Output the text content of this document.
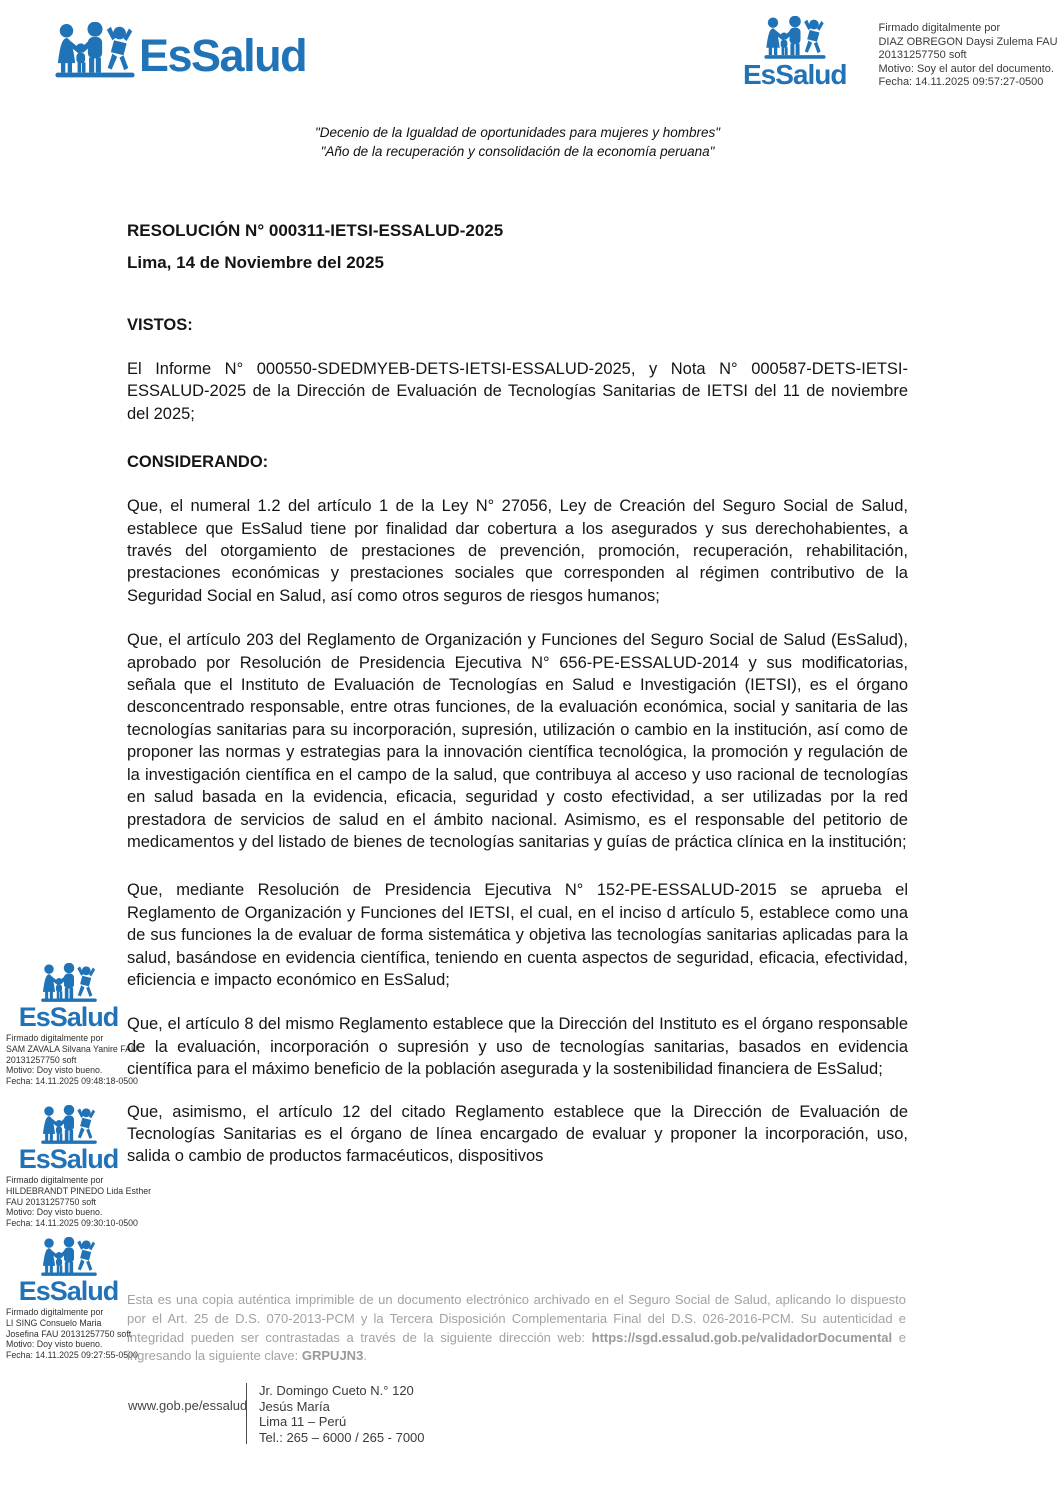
EsSalud	EsSalud
Firmado digitalmente por
DIAZ OBREGON Daysi Zulema FAU
20131257750 soft
Motivo: Soy el autor del documento.
Fecha: 14.11.2025 09:57:27-0500
"Decenio de la Igualdad de oportunidades para mujeres y hombres"
"Año de la recuperación y consolidación de la economía peruana"
RESOLUCIÓN N° 000311-IETSI-ESSALUD-2025
Lima, 14 de Noviembre del 2025
VISTOS:

El Informe N° 000550-SDEDMYEB-DETS-IETSI-ESSALUD-2025, y Nota N° 000587-DETS-IETSI-ESSALUD-2025 de la Dirección de Evaluación de Tecnologías Sanitarias de IETSI del 11 de noviembre del 2025;

CONSIDERANDO:

Que, el numeral 1.2 del artículo 1 de la Ley N° 27056, Ley de Creación del Seguro Social de Salud, establece que EsSalud tiene por finalidad dar cobertura a los asegurados y sus derechohabientes, a través del otorgamiento de prestaciones de prevención, promoción, recuperación, rehabilitación, prestaciones económicas y prestaciones sociales que corresponden al régimen contributivo de la Seguridad Social en Salud, así como otros seguros de riesgos humanos;

Que, el artículo 203 del Reglamento de Organización y Funciones del Seguro Social de Salud (EsSalud), aprobado por Resolución de Presidencia Ejecutiva N° 656-PE-ESSALUD-2014 y sus modificatorias, señala que el Instituto de Evaluación de Tecnologías en Salud e Investigación (IETSI), es el órgano desconcentrado responsable, entre otras funciones, de la evaluación económica, social y sanitaria de las tecnologías sanitarias para su incorporación, supresión, utilización o cambio en la institución, así como de proponer las normas y estrategias para la innovación científica tecnológica, la promoción y regulación de la investigación científica en el campo de la salud, que contribuya al acceso y uso racional de tecnologías en salud basada en la evidencia, eficacia, seguridad y costo efectividad, a ser utilizadas por la red prestadora de servicios de salud en el ámbito nacional. Asimismo, es el responsable del petitorio de medicamentos y del listado de bienes de tecnologías sanitarias y guías de práctica clínica en la institución;

Que, mediante Resolución de Presidencia Ejecutiva N° 152-PE-ESSALUD-2015 se aprueba el Reglamento de Organización y Funciones del IETSI, el cual, en el inciso d artículo 5, establece como una de sus funciones la de evaluar de forma sistemática y objetiva las tecnologías sanitarias aplicadas para la salud, basándose en evidencia científica, teniendo en cuenta aspectos de seguridad, eficacia, efectividad, eficiencia e impacto económico en EsSalud;

Que, el artículo 8 del mismo Reglamento establece que la Dirección del Instituto es el órgano responsable de la evaluación, incorporación o supresión y uso de tecnologías sanitarias, basados en evidencia científica para el máximo beneficio de la población asegurada y la sostenibilidad financiera de EsSalud;

Que, asimismo, el artículo 12 del citado Reglamento establece que la Dirección de Evaluación de Tecnologías Sanitarias es el órgano de línea encargado de evaluar y proponer la incorporación, uso, salida o cambio de productos farmacéuticos, dispositivos

EsSalud
Firmado digitalmente por
SAM ZAVALA Silvana Yanire FAU
20131257750 soft
Motivo: Doy visto bueno.
Fecha: 14.11.2025 09:48:18-0500
EsSalud
Firmado digitalmente por
HILDEBRANDT PINEDO Lida Esther
FAU 20131257750 soft
Motivo: Doy visto bueno.
Fecha: 14.11.2025 09:30:10-0500
EsSalud
Firmado digitalmente por
LI SING Consuelo Maria
Josefina FAU 20131257750 soft
Motivo: Doy visto bueno.
Fecha: 14.11.2025 09:27:55-0500
Esta es una copia auténtica imprimible de un documento electrónico archivado en el Seguro Social de Salud, aplicando lo dispuesto por el Art. 25 de D.S. 070-2013-PCM y la Tercera Disposición Complementaria Final del D.S. 026-2016-PCM. Su autenticidad e integridad pueden ser contrastadas a través de la siguiente dirección web: https://sgd.essalud.gob.pe/validadorDocumental e ingresando la siguiente clave: GRPUJN3.
www.gob.pe/essalud
Jr. Domingo Cueto N.° 120
Jesús María
Lima 11 – Perú
Tel.: 265 – 6000 / 265 - 7000
